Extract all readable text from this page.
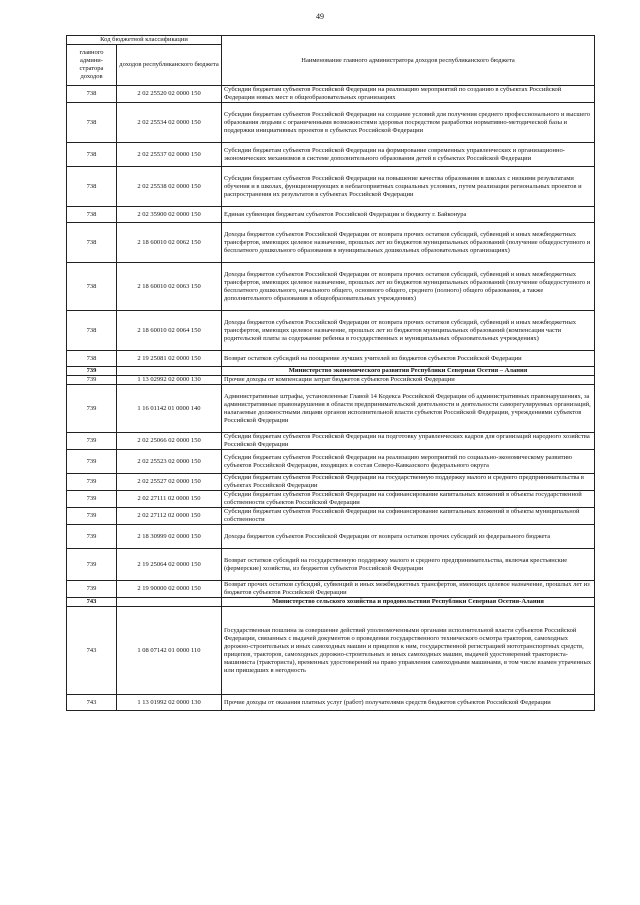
49
Код бюджетной классификации		Наименование главного администратора доходов республиканского бюджета
главного админи-стратора доходов	доходов республиканского бюджета	
738	2 02 25520 02 0000 150	Субсидии бюджетам субъектов Российской Федерации на реализацию мероприятий по созданию в субъектах Российской Федерации новых мест в общеобразовательных организациях
738	2 02 25534 02 0000 150	Субсидии бюджетам субъектов Российской Федерации на создание условий для получения среднего профессионального и высшего образования людьми с ограниченными возможностями здоровья посредством разработки нормативно-методической базы и поддержки инициативных проектов в субъектах Российской Федерации
738	2 02 25537 02 0000 150	Субсидии бюджетам субъектов Российской Федерации на формирование современных управленческих и организационно-экономических механизмов в системе дополнительного образования детей в субъектах Российской Федерации
738	2 02 25538 02 0000 150	Субсидии бюджетам субъектов Российской Федерации на повышение качества образования в школах с низкими результатами обучения и в школах, функционирующих в неблагоприятных социальных условиях, путем реализации региональных проектов и распространения их результатов в субъектах Российской Федерации
738	2 02 35900 02 0000 150	Единая субвенция бюджетам субъектов Российской Федерации и бюджету г. Байконура
738	2 18 60010 02 0062 150	Доходы бюджетов субъектов Российской Федерации от возврата прочих остатков субсидий, субвенций и иных межбюджетных трансфертов, имеющих целевое назначение, прошлых лет из бюджетов муниципальных образований (получение общедоступного и бесплатного дошкольного образования в муниципальных дошкольных образовательных организациях)
738	2 18 60010 02 0063 150	Доходы бюджетов субъектов Российской Федерации от возврата прочих остатков субсидий, субвенций и иных межбюджетных трансфертов, имеющих целевое назначение, прошлых лет из бюджетов муниципальных образований (получение общедоступного и бесплатного дошкольного, начального общего, основного общего, среднего (полного) общего образования, а также дополнительного образования в общеобразовательных учреждениях)
738	2 18 60010 02 0064 150	Доходы бюджетов субъектов Российской Федерации от возврата прочих остатков субсидий, субвенций и иных межбюджетных трансфертов, имеющих целевое назначение, прошлых лет из бюджетов муниципальных образований (компенсация части родительской платы за содержание ребенка в государственных и муниципальных образовательных учреждениях)
738	2 19 25081 02 0000 150	Возврат остатков субсидий на поощрение лучших учителей из бюджетов субъектов Российской Федерации
739		Министерство экономического развития Республики Северная Осетия – Алания
739	1 13 02992 02 0000 130	Прочие доходы от компенсации затрат бюджетов субъектов Российской Федерации
739	1 16 01142 01 0000 140	Административные штрафы, установленные Главой 14 Кодекса Российской Федерации об административных правонарушениях, за административные правонарушения в области предпринимательской деятельности и деятельности саморегулируемых организаций, налагаемые должностными лицами органов исполнительной власти субъектов Российской Федерации, учреждениями субъектов Российской Федерации
739	2 02 25066 02 0000 150	Субсидии бюджетам субъектов Российской Федерации на подготовку управленческих кадров для организаций народного хозяйства Российской Федерации
739	2 02 25523 02 0000 150	Субсидии бюджетам субъектов Российской Федерации на реализацию мероприятий по социально-экономическому развитию субъектов Российской Федерации, входящих в состав Северо-Кавказского федерального округа
739	2 02 25527 02 0000 150	Субсидии бюджетам субъектов Российской Федерации на государственную поддержку малого и среднего предпринимательства в субъектах Российской Федерации
739	2 02 27111 02 0000 150	Субсидии бюджетам субъектов Российской Федерации на софинансирование капитальных вложений в объекты государственной собственности субъектов Российской Федерации
739	2 02 27112 02 0000 150	Субсидии бюджетам субъектов Российской Федерации на софинансирование капитальных вложений в объекты муниципальной собственности
739	2 18 30999 02 0000 150	Доходы бюджетов субъектов Российской Федерации от возврата остатков прочих субсидий из федерального бюджета
739	2 19 25064 02 0000 150	Возврат остатков субсидий на государственную поддержку малого и среднего предпринимательства, включая крестьянские (фермерские) хозяйства, из бюджетов субъектов Российской Федерации
739	2 19 90000 02 0000 150	Возврат прочих остатков субсидий, субвенций и иных межбюджетных трансфертов, имеющих целевое назначение, прошлых лет из бюджетов субъектов Российской Федерации
743		Министерство сельского хозяйства и продовольствия Республики Северная Осетия-Алания
743	1 08 07142 01 0000 110	Государственная пошлина за совершение действий уполномоченными органами исполнительной власти субъектов Российской Федерации, связанных с выдачей документов о проведении государственного технического осмотра тракторов, самоходных дорожно-строительных и иных самоходных машин и прицепов к ним, государственной регистрацией мототранспортных средств, прицепов, тракторов, самоходных дорожно-строительных и иных самоходных машин, выдачей удостоверений тракториста-машиниста (тракториста), временных удостоверений на право управления самоходными машинами, в том числе взамен утраченных или пришедших в негодность
743	1 13 01992 02 0000 130	Прочие доходы от оказания платных услуг (работ) получателями средств бюджетов субъектов Российской Федерации
